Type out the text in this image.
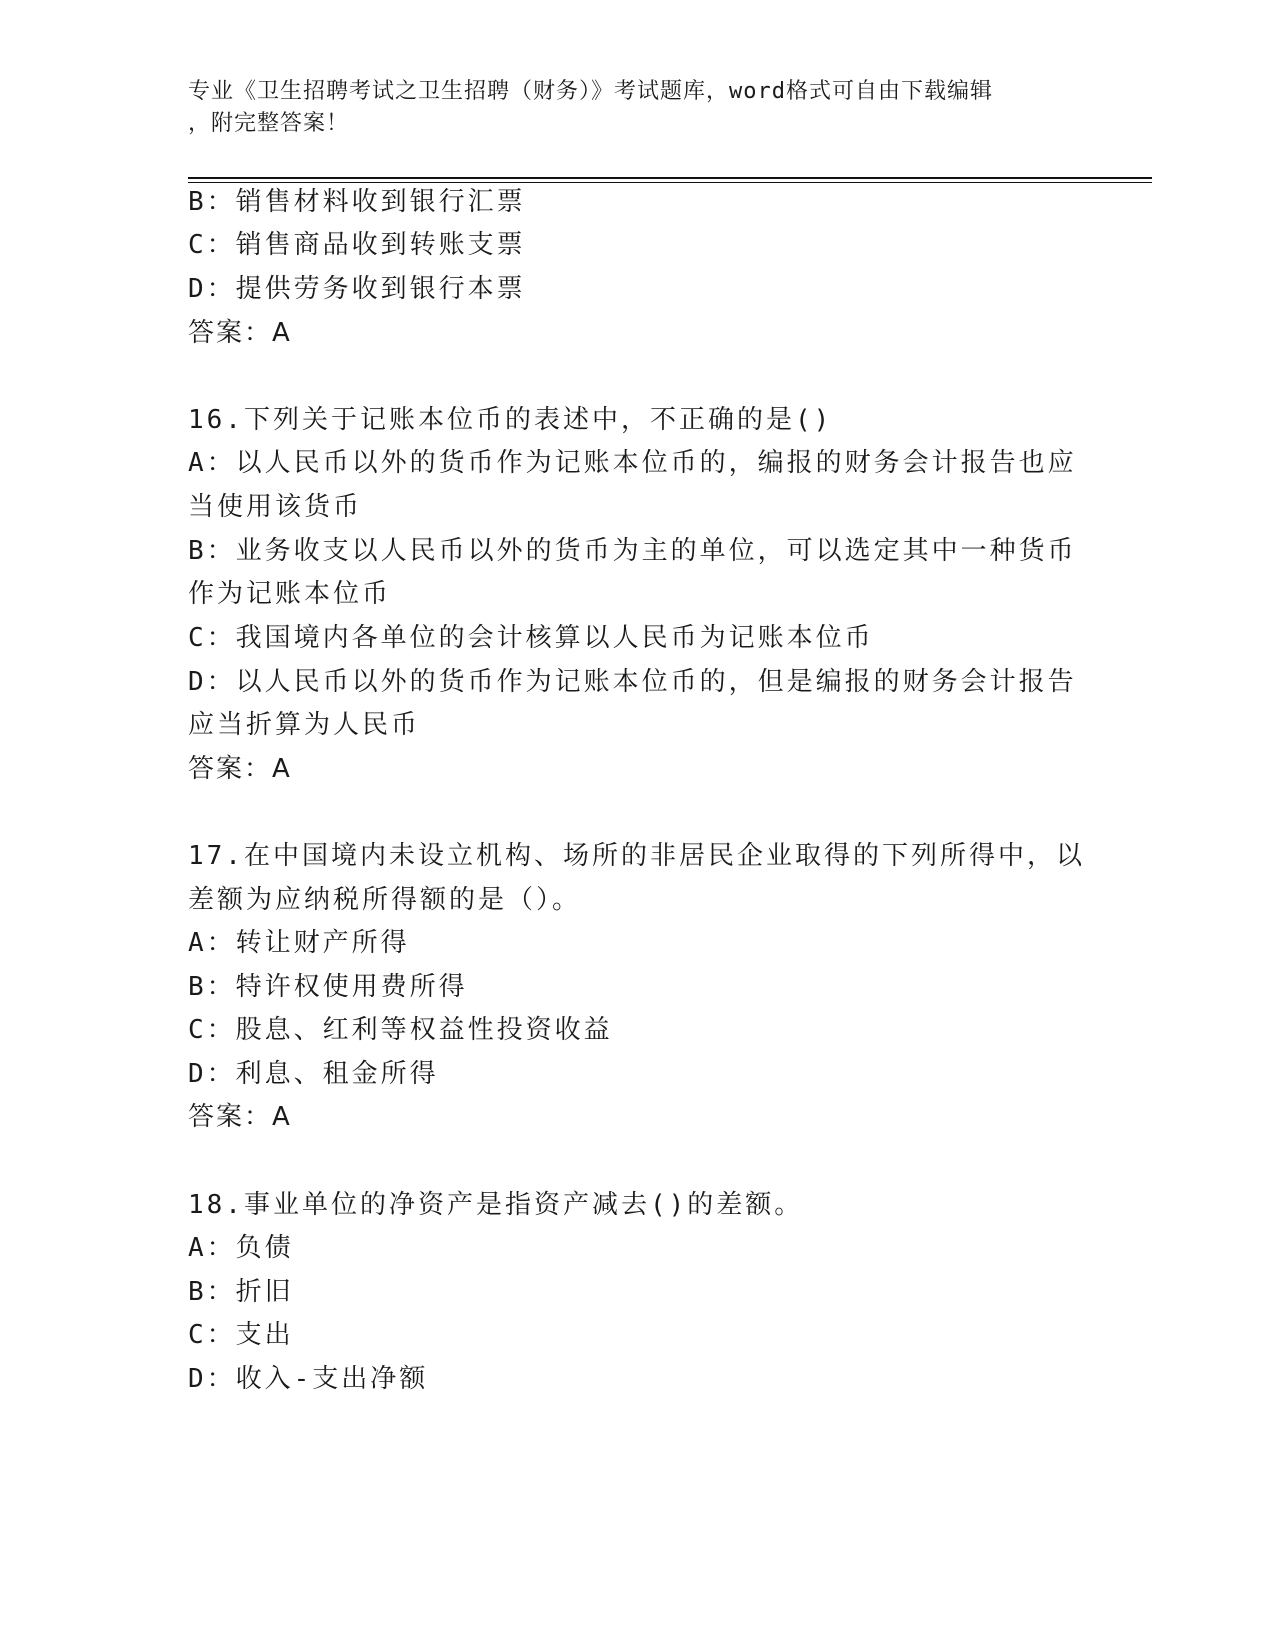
专业《卫生招聘考试之卫生招聘（财务）》考试题库，word格式可自由下载编辑
，附完整答案！
B：销售材料收到银行汇票
C：销售商品收到转账支票
D：提供劳务收到银行本票
答案：A
16.下列关于记账本位币的表述中，不正确的是()
A：以人民币以外的货币作为记账本位币的，编报的财务会计报告也应
当使用该货币
B：业务收支以人民币以外的货币为主的单位，可以选定其中一种货币
作为记账本位币
C：我国境内各单位的会计核算以人民币为记账本位币
D：以人民币以外的货币作为记账本位币的，但是编报的财务会计报告
应当折算为人民币
答案：A
17.在中国境内未设立机构、场所的非居民企业取得的下列所得中，以
差额为应纳税所得额的是（）。
A：转让财产所得
B：特许权使用费所得
C：股息、红利等权益性投资收益
D：利息、租金所得
答案：A
18.事业单位的净资产是指资产减去()的差额。
A：负债
B：折旧
C：支出
D：收入-支出净额
